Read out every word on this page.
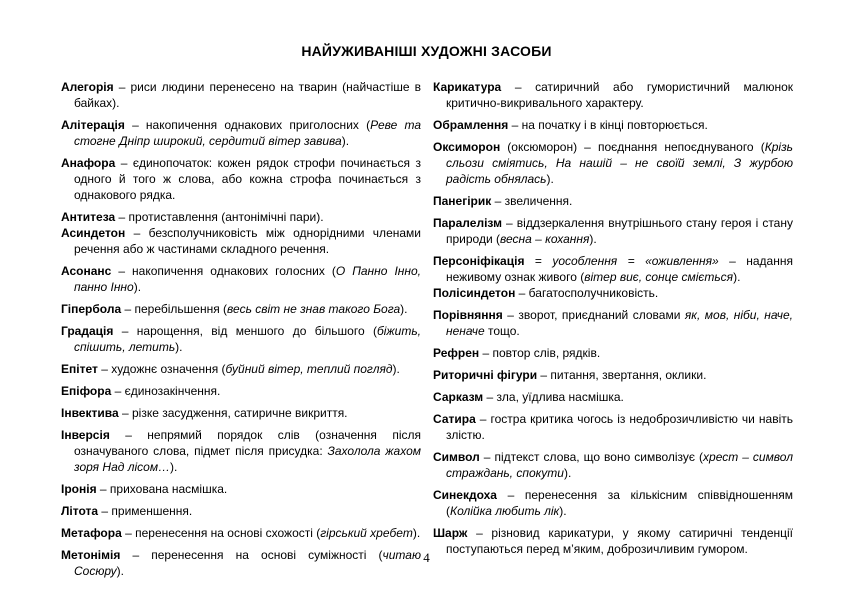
НАЙУЖИВАНІШІ ХУДОЖНІ ЗАСОБИ
Алегорія – риси людини перенесено на тварин (найчастіше в байках).
Алітерація – накопичення однакових приголосних (Реве та стогне Дніпр широкий, сердитий вітер завива).
Анафора – єдинопочаток: кожен рядок строфи починається з одного й того ж слова, або кожна строфа починається з однакового рядка.
Антитеза – протиставлення (антонімічні пари).
Асиндетон – безсполучниковість між однорідними членами речення або ж частинами складного речення.
Асонанс – накопичення однакових голосних (О Панно Інно, панно Інно).
Гіпербола – перебільшення (весь світ не знав такого Бога).
Градація – нарощення, від меншого до більшого (біжить, спішить, летить).
Епітет – художнє означення (буйний вітер, теплий погляд).
Епіфора – єдинозакінчення.
Інвектива – різке засудження, сатиричне викриття.
Інверсія – непрямий порядок слів (означення після означуваного слова, підмет після присудка: Захолола жахом зоря Над лісом…).
Іронія – прихована насмішка.
Літота – применшення.
Метафора – перенесення на основі схожості (гірський хребет).
Метонімія – перенесення на основі суміжності (читаю Сосюру).
Карикатура – сатиричний або гумористичний малюнок критично-викривального характеру.
Обрамлення – на початку і в кінці повторюється.
Оксиморон (оксюморон) – поєднання непоєднуваного (Крізь сльози сміятись, На нашій – не своїй землі, З журбою радість обнялась).
Панегірик – звеличення.
Паралелізм – віддзеркалення внутрішнього стану героя і стану природи (весна – кохання).
Персоніфікація = уособлення = «оживлення» – надання неживому ознак живого (вітер виє, сонце сміється).
Полісиндетон – багатосполучниковість.
Порівняння – зворот, приєднаний словами як, мов, ніби, наче, неначе тощо.
Рефрен – повтор слів, рядків.
Риторичні фігури – питання, звертання, оклики.
Сарказм – зла, уїдлива насмішка.
Сатира – гостра критика чогось із недоброзичливістю чи навіть злістю.
Символ – підтекст слова, що воно символізує (хрест – символ страждань, спокути).
Синекдоха – перенесення за кількісним співвідношенням (Колійка любить лік).
Шарж – різновид карикатури, у якому сатиричні тенденції поступаються перед м’яким, доброзичливим гумором.
4
